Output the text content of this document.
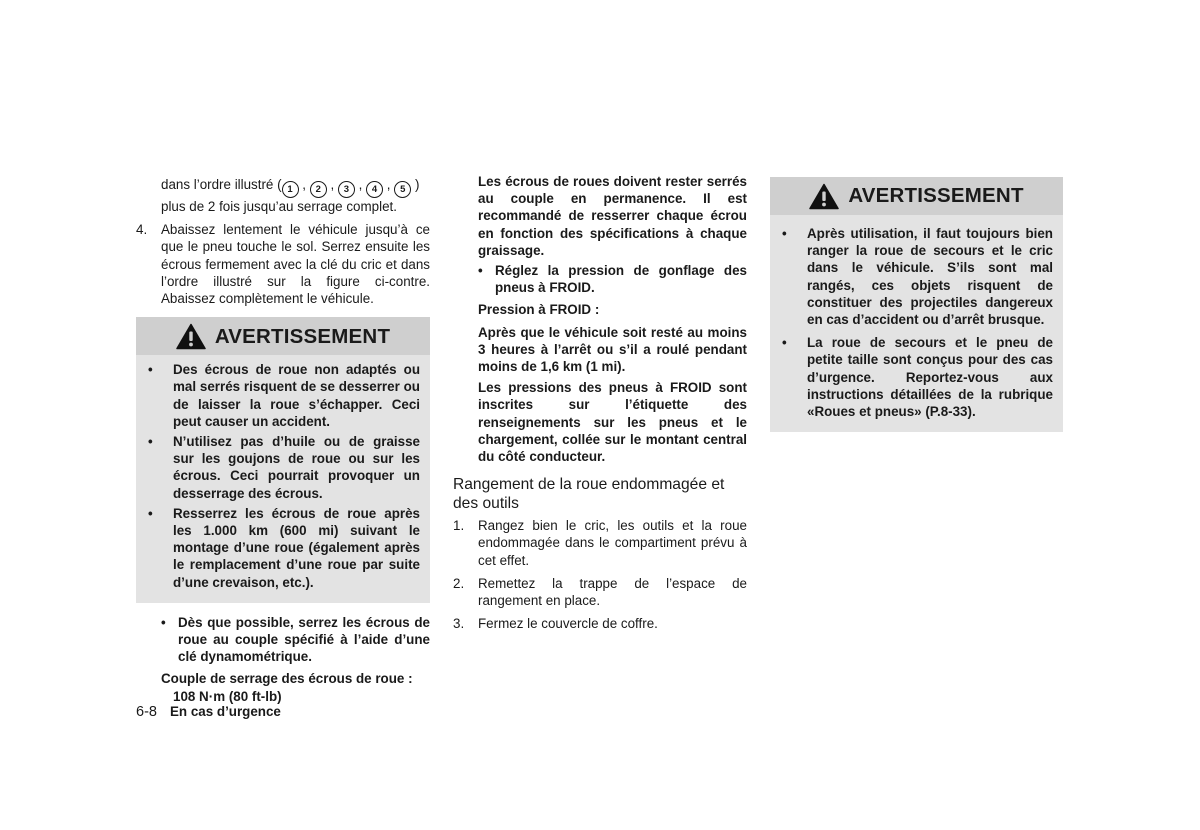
dans l’ordre illustré ( 1 , 2 , 3 , 4 , 5 )
plus de 2 fois jusqu’au serrage complet.
4.	Abaissez lentement le véhicule jusqu’à ce que le pneu touche le sol. Serrez ensuite les écrous fermement avec la clé du cric et dans l’ordre illustré sur la figure ci-contre. Abaissez complètement le véhicule.
AVERTISSEMENT
•	Des écrous de roue non adaptés ou mal serrés risquent de se desserrer ou de laisser la roue s’échapper. Ceci peut causer un accident.
•	N’utilisez pas d’huile ou de graisse sur les goujons de roue ou sur les écrous. Ceci pourrait provoquer un desserrage des écrous.
•	Resserrez les écrous de roue après les 1.000 km (600 mi) suivant le montage d’une roue (également après le remplacement d’une roue par suite d’une crevaison, etc.).
• Dès que possible, serrez les écrous de roue au couple spécifié à l’aide d’une clé dynamométrique.
Couple de serrage des écrous de roue :
108 N·m (80 ft-lb)
Les écrous de roues doivent rester serrés au couple en permanence. Il est recommandé de resserrer chaque écrou en fonction des spécifications à chaque graissage.
• Réglez la pression de gonflage des pneus à FROID.
Pression à FROID :
Après que le véhicule soit resté au moins 3 heures à l’arrêt ou s’il a roulé pendant moins de 1,6 km (1 mi).
Les pressions des pneus à FROID sont inscrites sur l’étiquette des renseignements sur les pneus et le chargement, collée sur le montant central du côté conducteur.
Rangement de la roue endommagée et des outils
1.	Rangez bien le cric, les outils et la roue endommagée dans le compartiment prévu à cet effet.
2.	Remettez la trappe de l’espace de rangement en place.
3.	Fermez le couvercle de coffre.
AVERTISSEMENT
•	Après utilisation, il faut toujours bien ranger la roue de secours et le cric dans le véhicule. S’ils sont mal rangés, ces objets risquent de constituer des projectiles dangereux en cas d’accident ou d’arrêt brusque.
•	La roue de secours et le pneu de petite taille sont conçus pour des cas d’urgence. Reportez-vous aux instructions détaillées de la rubrique «Roues et pneus» (P.8-33).
6-8 En cas d’urgence
